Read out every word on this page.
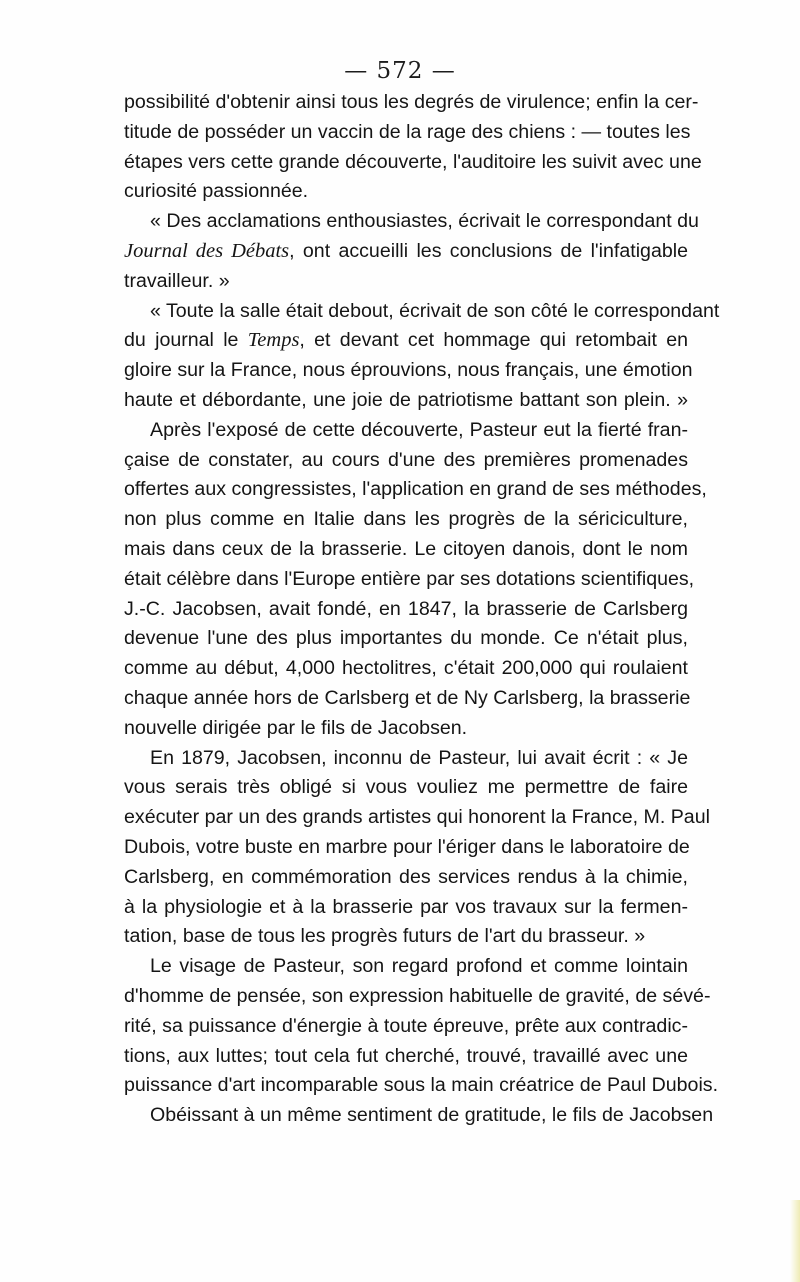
— 572 —
possibilité d'obtenir ainsi tous les degrés de virulence; enfin la cer-
titude de posséder un vaccin de la rage des chiens : — toutes les
étapes vers cette grande découverte, l'auditoire les suivit avec une
curiosité passionnée.
« Des acclamations enthousiastes, écrivait le correspondant du
Journal des Débats, ont accueilli les conclusions de l'infatigable
travailleur. »
« Toute la salle était debout, écrivait de son côté le correspondant
du journal le Temps, et devant cet hommage qui retombait en
gloire sur la France, nous éprouvions, nous français, une émotion
haute et débordante, une joie de patriotisme battant son plein. »
Après l'exposé de cette découverte, Pasteur eut la fierté fran-
çaise de constater, au cours d'une des premières promenades
offertes aux congressistes, l'application en grand de ses méthodes,
non plus comme en Italie dans les progrès de la sériciculture,
mais dans ceux de la brasserie. Le citoyen danois, dont le nom
était célèbre dans l'Europe entière par ses dotations scientifiques,
J.-C. Jacobsen, avait fondé, en 1847, la brasserie de Carlsberg
devenue l'une des plus importantes du monde. Ce n'était plus,
comme au début, 4,000 hectolitres, c'était 200,000 qui roulaient
chaque année hors de Carlsberg et de Ny Carlsberg, la brasserie
nouvelle dirigée par le fils de Jacobsen.
En 1879, Jacobsen, inconnu de Pasteur, lui avait écrit : « Je
vous serais très obligé si vous vouliez me permettre de faire
exécuter par un des grands artistes qui honorent la France, M. Paul
Dubois, votre buste en marbre pour l'ériger dans le laboratoire de
Carlsberg, en commémoration des services rendus à la chimie,
à la physiologie et à la brasserie par vos travaux sur la fermen-
tation, base de tous les progrès futurs de l'art du brasseur. »
Le visage de Pasteur, son regard profond et comme lointain
d'homme de pensée, son expression habituelle de gravité, de sévé-
rité, sa puissance d'énergie à toute épreuve, prête aux contradic-
tions, aux luttes; tout cela fut cherché, trouvé, travaillé avec une
puissance d'art incomparable sous la main créatrice de Paul Dubois.
Obéissant à un même sentiment de gratitude, le fils de Jacobsen
